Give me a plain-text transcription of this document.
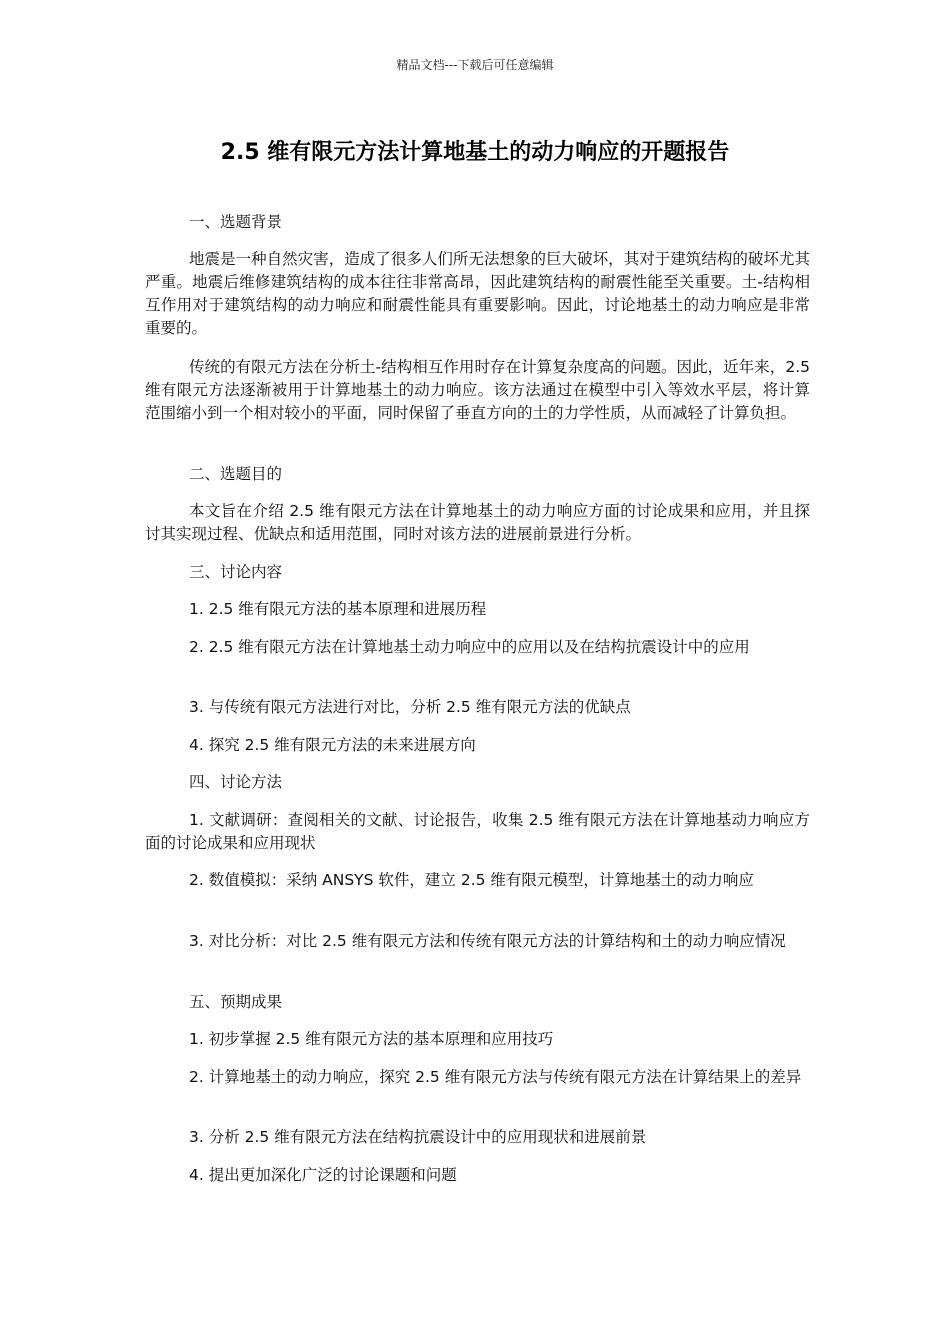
精品文档---下载后可任意编辑
2.5 维有限元方法计算地基土的动力响应的开题报告

一、选题背景

地震是一种自然灾害，造成了很多人们所无法想象的巨大破坏，其对于建筑结构的破坏尤其严重。地震后维修建筑结构的成本往往非常高昂，因此建筑结构的耐震性能至关重要。土-结构相互作用对于建筑结构的动力响应和耐震性能具有重要影响。因此，讨论地基土的动力响应是非常重要的。

传统的有限元方法在分析土-结构相互作用时存在计算复杂度高的问题。因此，近年来，2.5 维有限元方法逐渐被用于计算地基土的动力响应。该方法通过在模型中引入等效水平层，将计算范围缩小到一个相对较小的平面，同时保留了垂直方向的土的力学性质，从而减轻了计算负担。

二、选题目的

本文旨在介绍 2.5 维有限元方法在计算地基土的动力响应方面的讨论成果和应用，并且探讨其实现过程、优缺点和适用范围，同时对该方法的进展前景进行分析。

三、讨论内容

1. 2.5 维有限元方法的基本原理和进展历程

2. 2.5 维有限元方法在计算地基土动力响应中的应用以及在结构抗震设计中的应用

3. 与传统有限元方法进行对比，分析 2.5 维有限元方法的优缺点

4. 探究 2.5 维有限元方法的未来进展方向

四、讨论方法

1. 文献调研：查阅相关的文献、讨论报告，收集 2.5 维有限元方法在计算地基动力响应方面的讨论成果和应用现状

2. 数值模拟：采纳 ANSYS 软件，建立 2.5 维有限元模型，计算地基土的动力响应

3. 对比分析：对比 2.5 维有限元方法和传统有限元方法的计算结构和土的动力响应情况

五、预期成果

1. 初步掌握 2.5 维有限元方法的基本原理和应用技巧

2. 计算地基土的动力响应，探究 2.5 维有限元方法与传统有限元方法在计算结果上的差异

3. 分析 2.5 维有限元方法在结构抗震设计中的应用现状和进展前景

4. 提出更加深化广泛的讨论课题和问题
